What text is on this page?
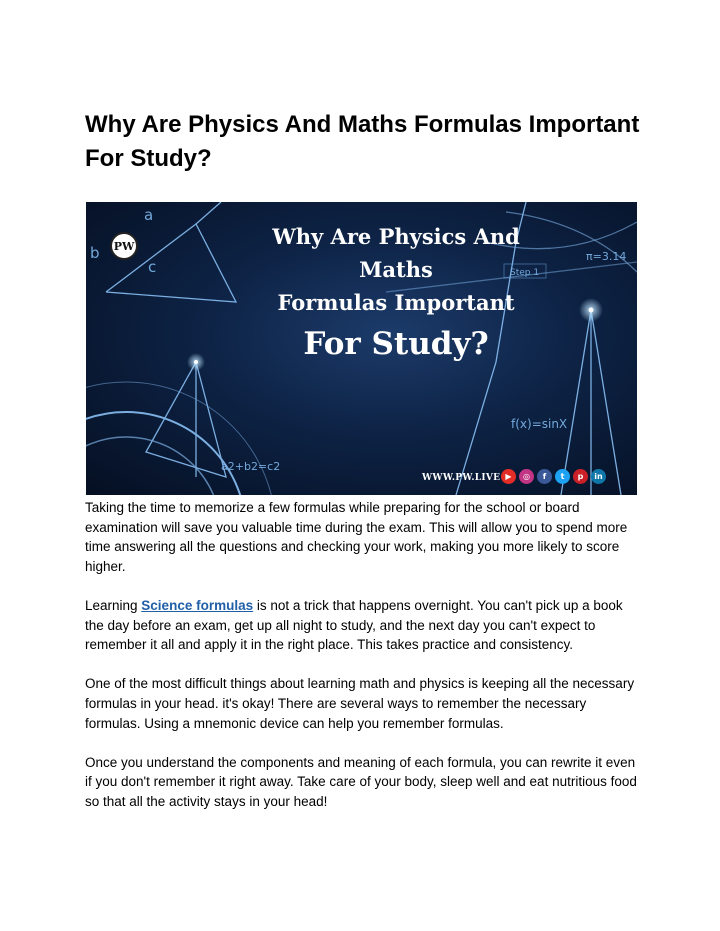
Why Are Physics And Maths Formulas Important For Study?
a
b
c
π=3.14
Step 1
f(x)=sinX
a2+b2=c2
PW	Why Are Physics And
Maths
Formulas Important
For Study?
WWW.PW.LIVE ▶	◎	f	t	p	in

Taking the time to memorize a few formulas while preparing for the school or board examination will save you valuable time during the exam. This will allow you to spend more time answering all the questions and checking your work, making you more likely to score higher.

Learning Science formulas is not a trick that happens overnight. You can't pick up a book the day before an exam, get up all night to study, and the next day you can't expect to remember it all and apply it in the right place. This takes practice and consistency.

One of the most difficult things about learning math and physics is keeping all the necessary formulas in your head. it's okay! There are several ways to remember the necessary formulas. Using a mnemonic device can help you remember formulas.

Once you understand the components and meaning of each formula, you can rewrite it even if you don't remember it right away. Take care of your body, sleep well and eat nutritious food so that all the activity stays in your head!
